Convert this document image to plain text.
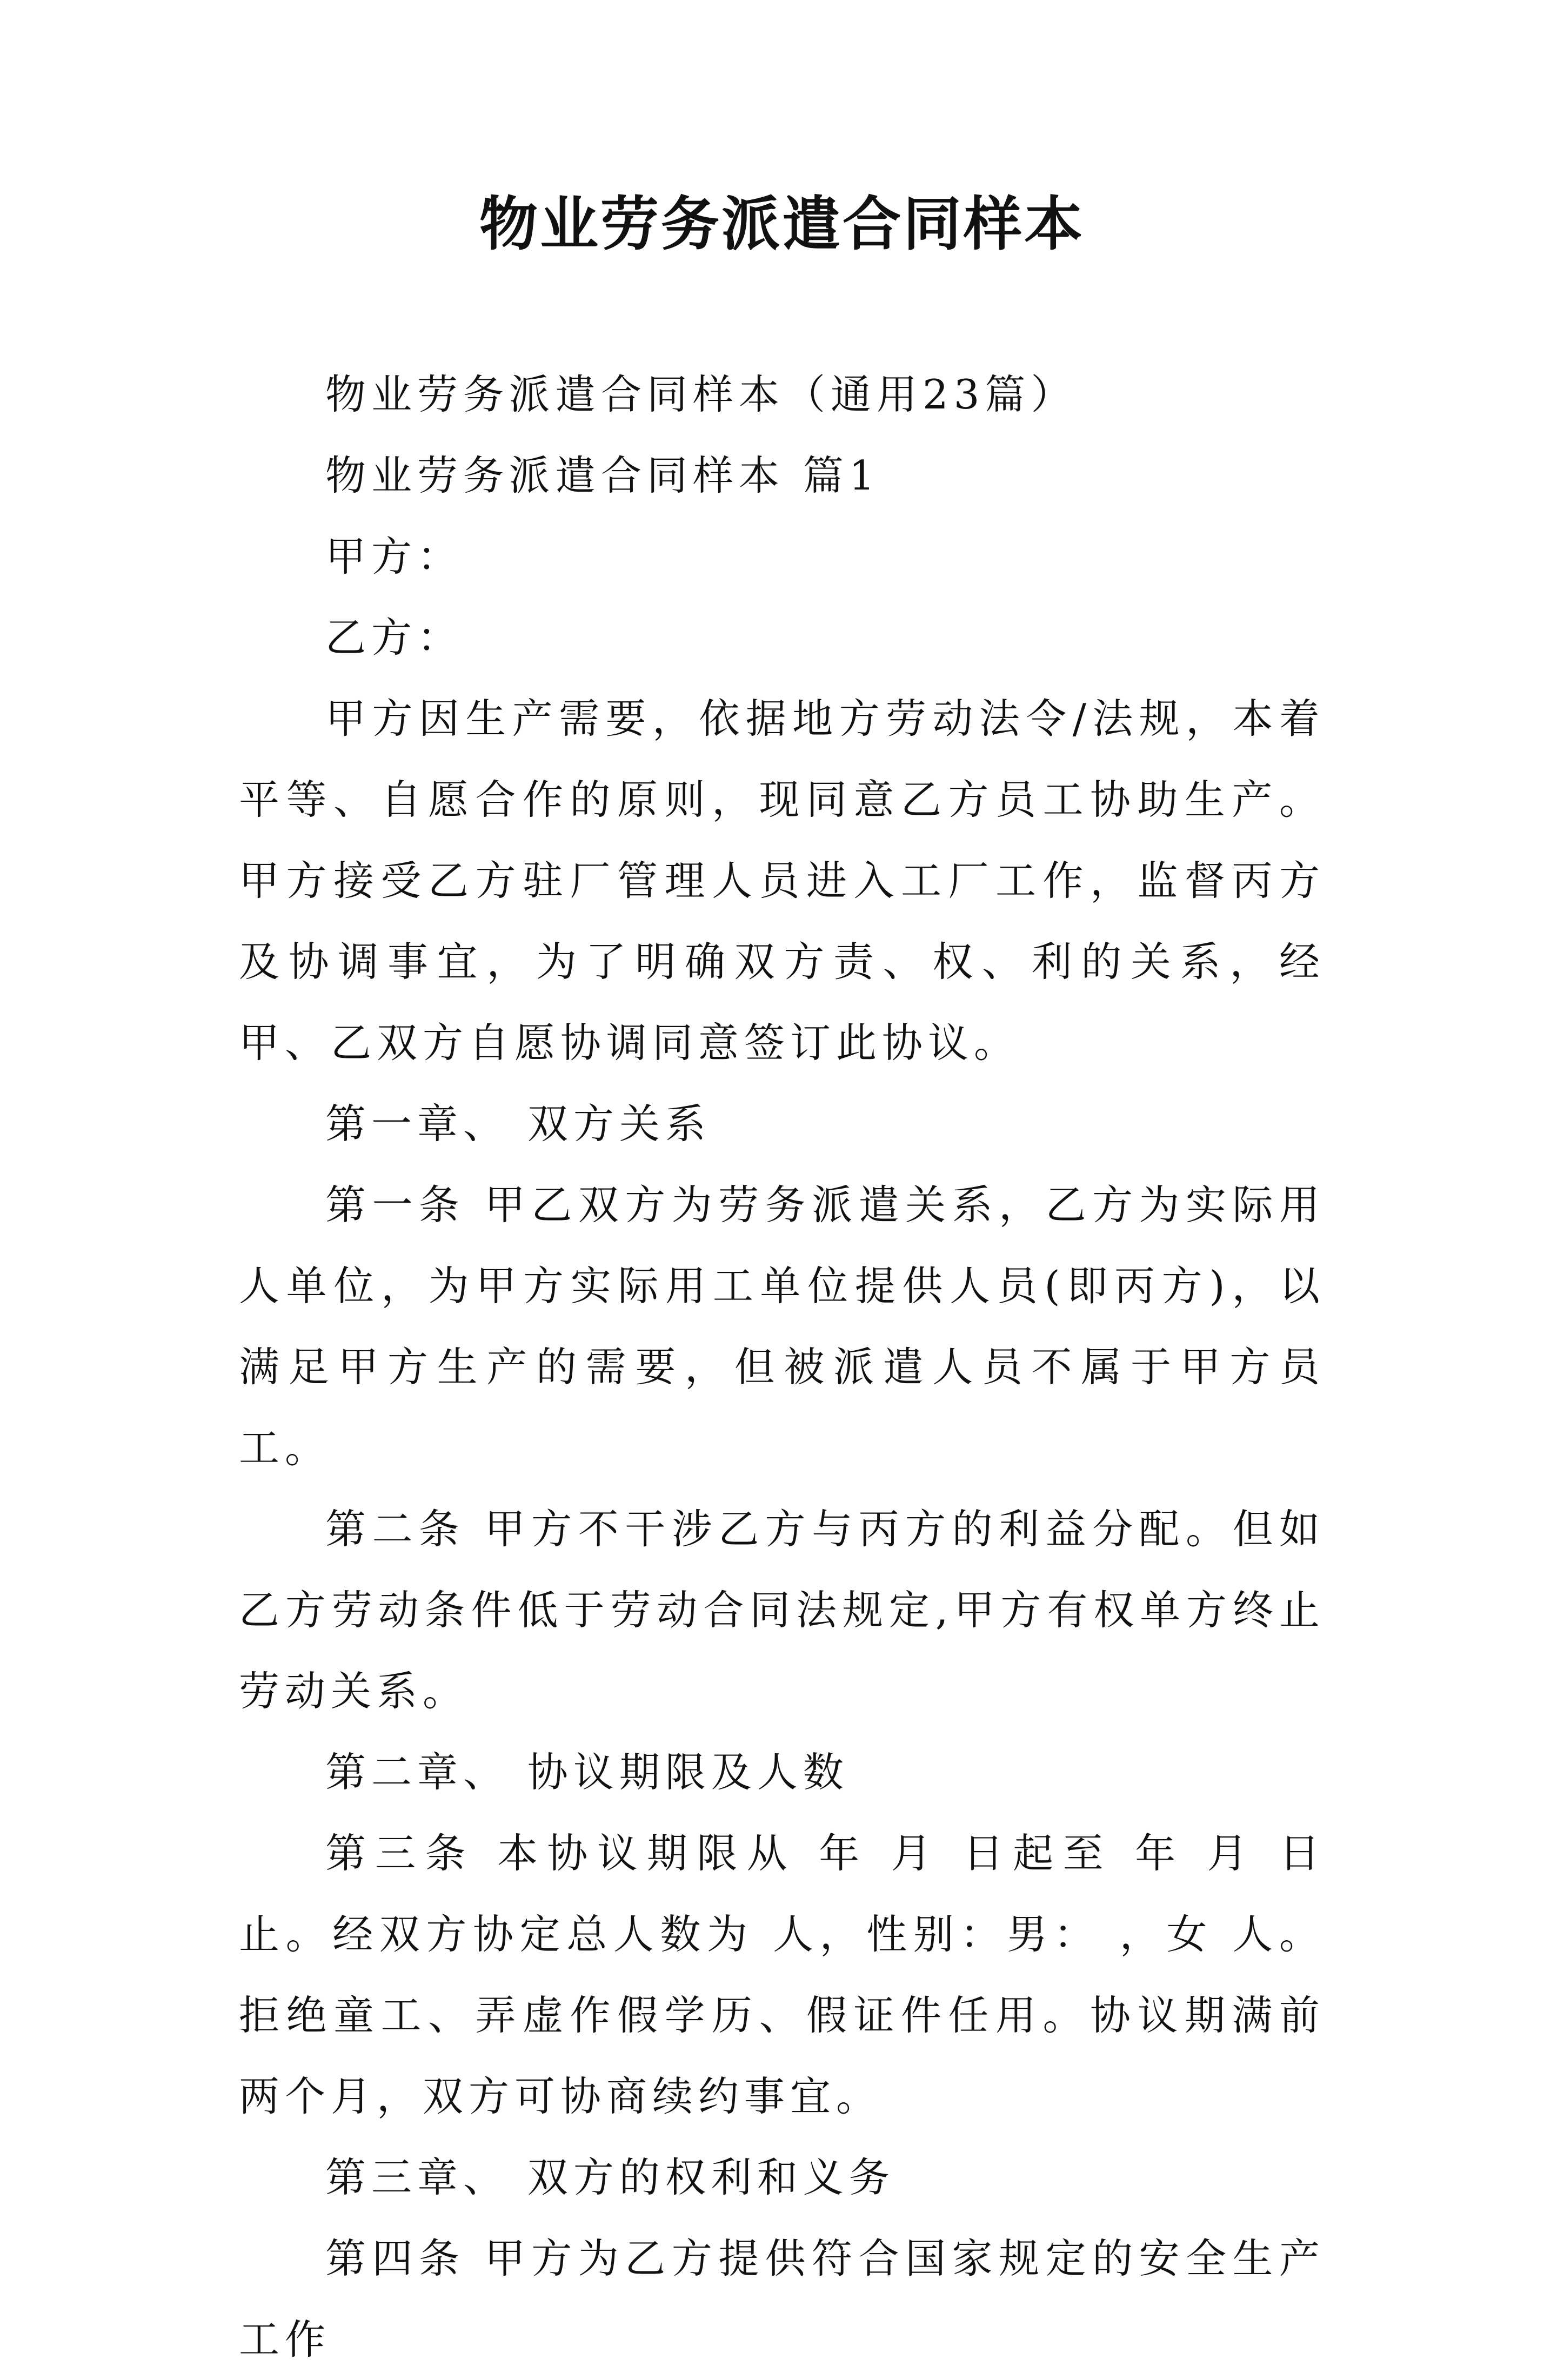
物业劳务派遣合同样本

物业劳务派遣合同样本（通用23篇）

物业劳务派遣合同样本 篇1

甲方：

乙方：

甲方因生产需要，依据地方劳动法令/法规，本着平等、自愿合作的原则，现同意乙方员工协助生产。甲方接受乙方驻厂管理人员进入工厂工作，监督丙方及协调事宜，为了明确双方责、权、利的关系，经甲、乙双方自愿协调同意签订此协议。

第一章、 双方关系

第一条 甲乙双方为劳务派遣关系，乙方为实际用人单位，为甲方实际用工单位提供人员(即丙方)，以满足甲方生产的需要，但被派遣人员不属于甲方员工。

第二条 甲方不干涉乙方与丙方的利益分配。但如乙方劳动条件低于劳动合同法规定,甲方有权单方终止劳动关系。

第二章、 协议期限及人数

第三条 本协议期限从 年 月 日起至 年 月 日止。经双方协定总人数为 人，性别：男： ，女 人。拒绝童工、弄虚作假学历、假证件任用。协议期满前两个月，双方可协商续约事宜。

第三章、 双方的权利和义务

第四条 甲方为乙方提供符合国家规定的安全生产工作
